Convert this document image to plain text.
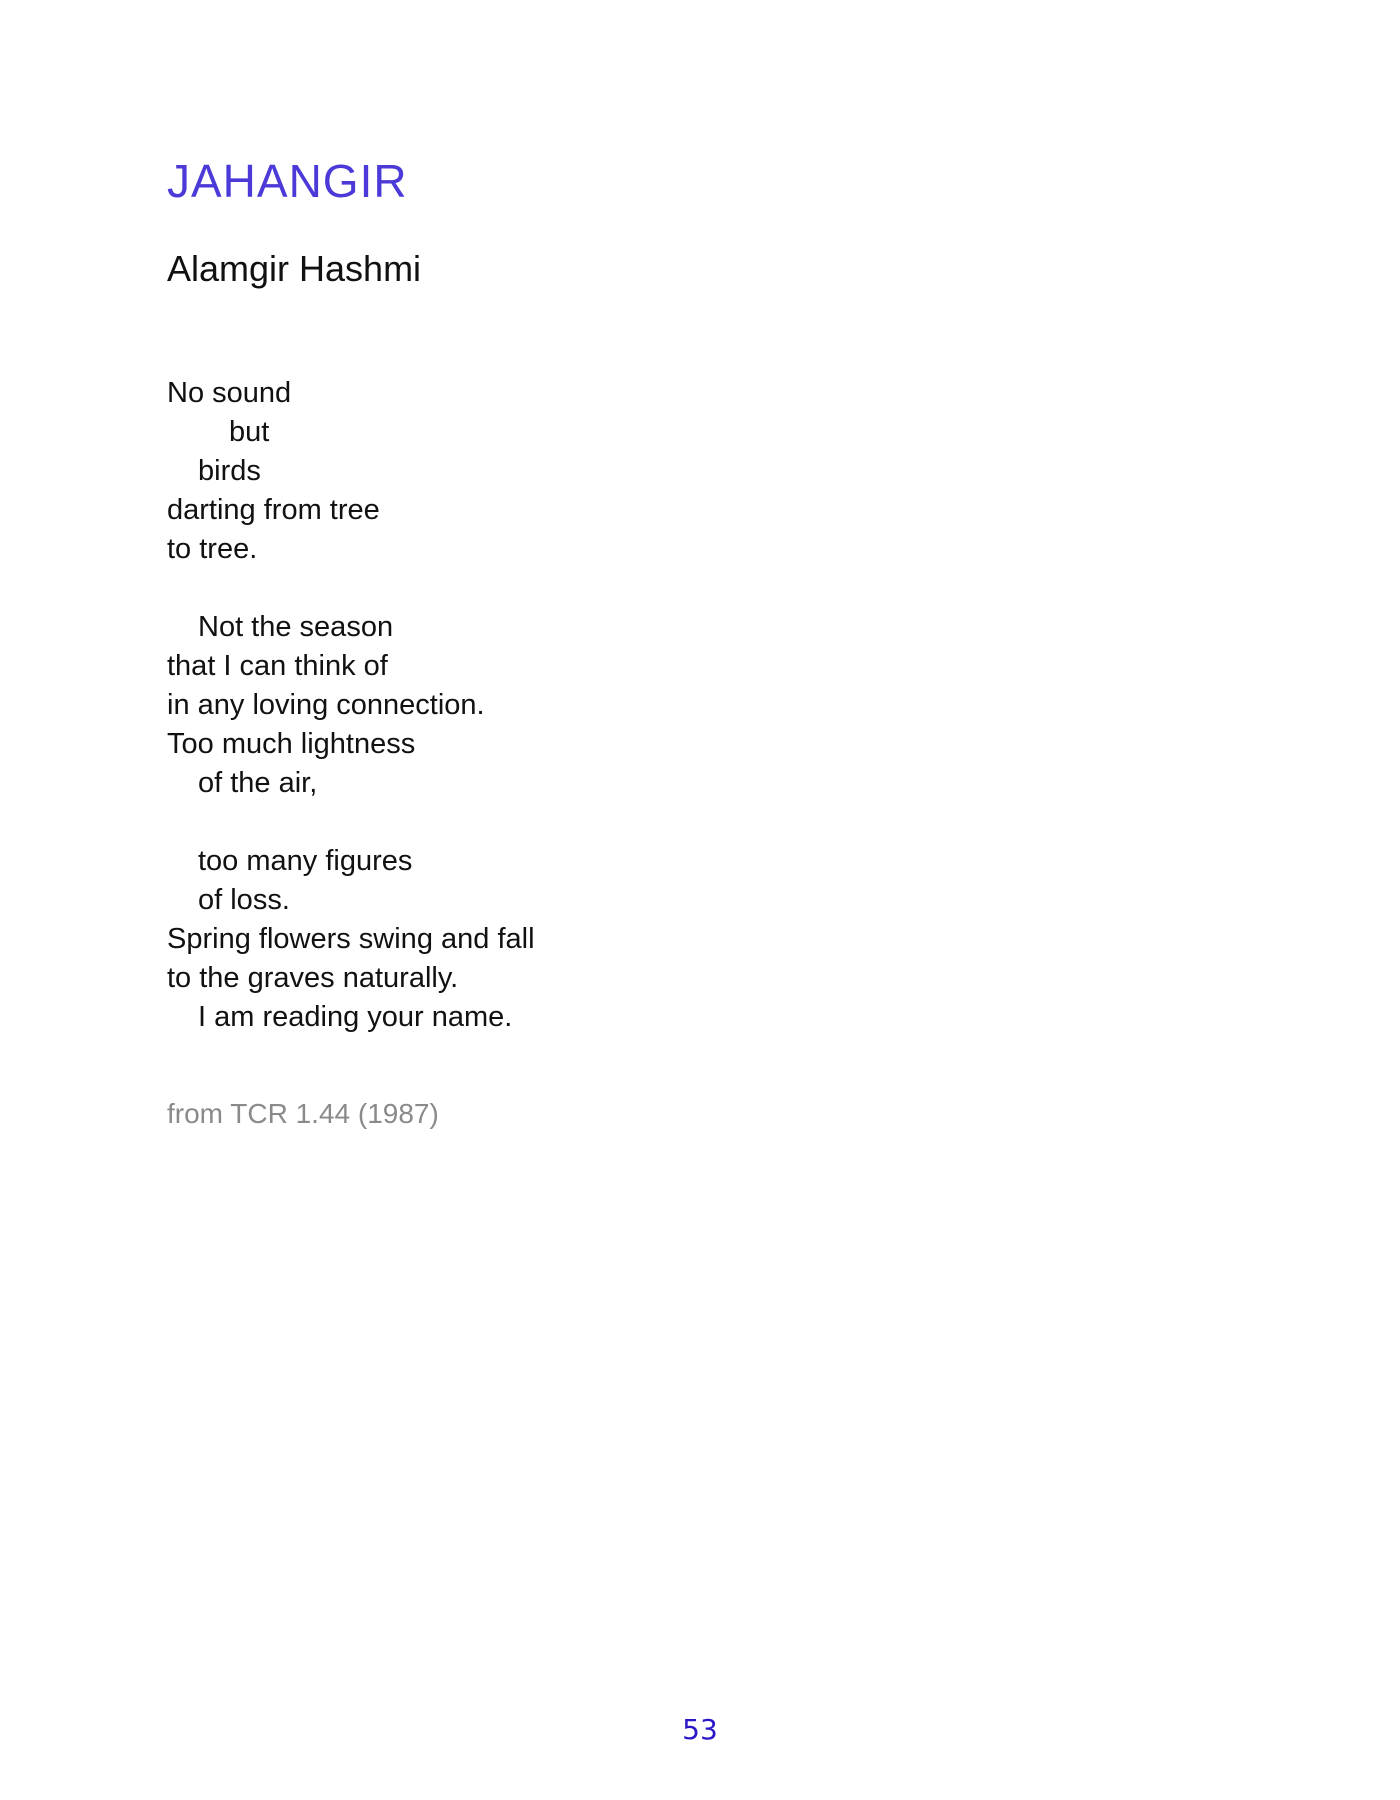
JAHANGIR
Alamgir Hashmi
No sound
but
birds
darting from tree
to tree.
Not the season
that I can think of
in any loving connection.
Too much lightness
of the air,
too many figures
of loss.
Spring flowers swing and fall
to the graves naturally.
I am reading your name.

from TCR 1.44 (1987)

53
